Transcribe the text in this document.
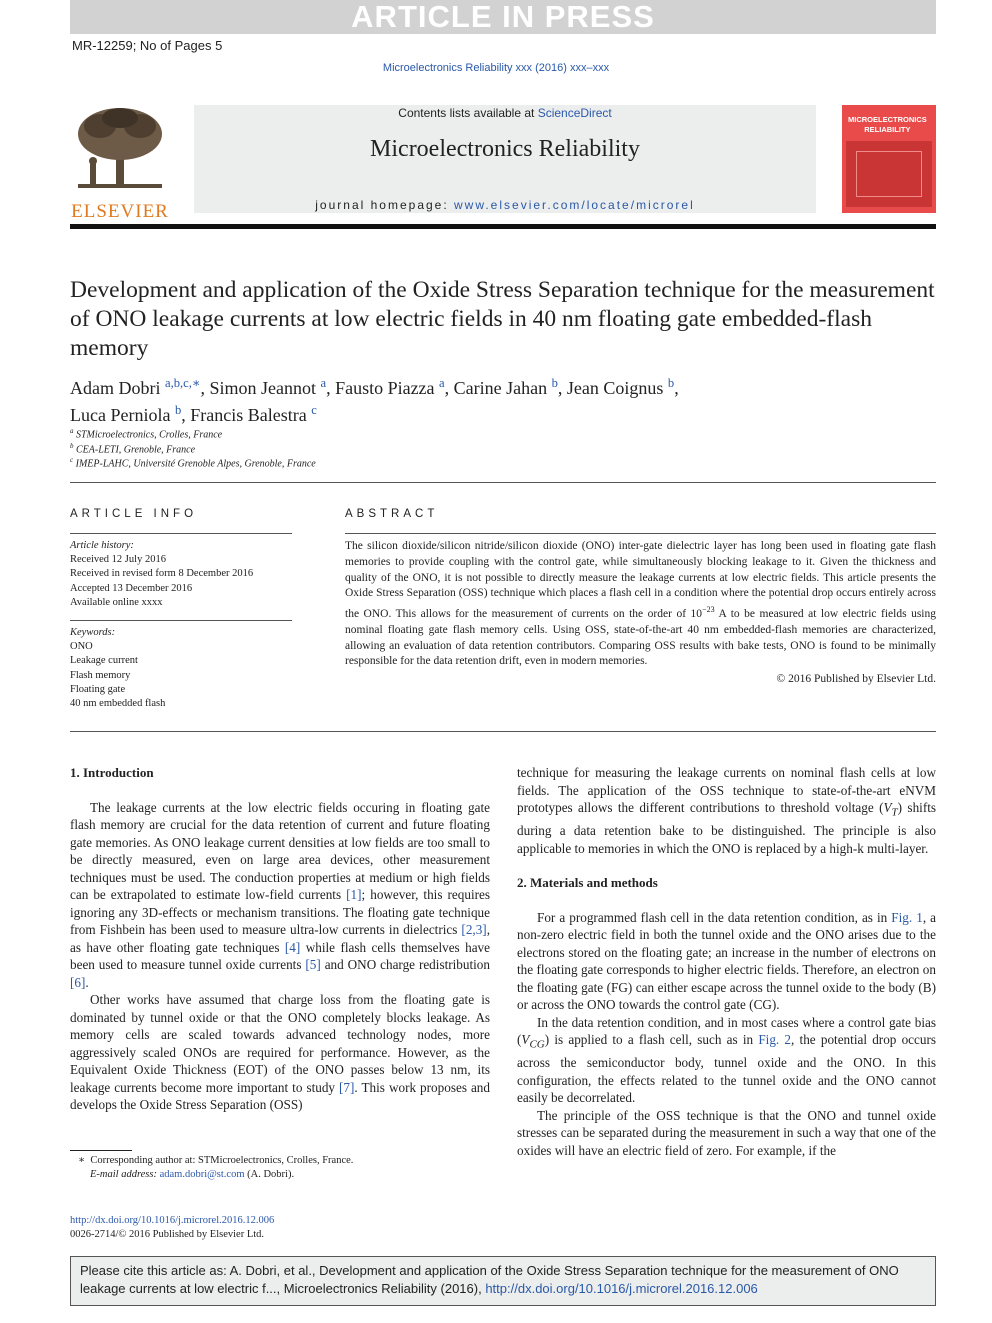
ARTICLE IN PRESS
MR-12259; No of Pages 5
Microelectronics Reliability xxx (2016) xxx–xxx
ELSEVIER
Contents lists available at ScienceDirect
Microelectronics Reliability
journal homepage: www.elsevier.com/locate/microrel
MICROELECTRONICS
RELIABILITY
Development and application of the Oxide Stress Separation technique for the measurement of ONO leakage currents at low electric fields in 40 nm floating gate embedded-flash memory
Adam Dobri $^{a,b,c,∗}$, Simon Jeannot $^a$, Fausto Piazza $^a$, Carine Jahan $^b$, Jean Coignus $^b$,
Luca Perniola $^b$, Francis Balestra $^c$
$^a$ STMicroelectronics, Crolles, France
$^b$ CEA-LETI, Grenoble, France
$^c$ IMEP-LAHC, Université Grenoble Alpes, Grenoble, France
ARTICLE INFO
Article history:
Received 12 July 2016
Received in revised form 8 December 2016
Accepted 13 December 2016
Available online xxxx
Keywords:
ONO
Leakage current
Flash memory
Floating gate
40 nm embedded flash
ABSTRACT
The silicon dioxide/silicon nitride/silicon dioxide (ONO) inter-gate dielectric layer has long been used in floating gate flash memories to provide coupling with the control gate, while simultaneously blocking leakage to it. Given the thickness and quality of the ONO, it is not possible to directly measure the leakage currents at low electric fields. This article presents the Oxide Stress Separation (OSS) technique which places a flash cell in a condition where the potential drop occurs entirely across the ONO. This allows for the measurement of currents on the order of $10^{-23}$ A to be measured at low electric fields using nominal floating gate flash memory cells. Using OSS, state-of-the-art 40 nm embedded-flash memories are characterized, allowing an evaluation of data retention contributors. Comparing OSS results with bake tests, ONO is found to be minimally responsible for the data retention drift, even in modern memories.
© 2016 Published by Elsevier Ltd.
1. Introduction

The leakage currents at the low electric fields occuring in floating gate flash memory are crucial for the data retention of current and future floating gate memories. As ONO leakage current densities at low fields are too small to be directly measured, even on large area devices, other measurement techniques must be used. The conduction properties at medium or high fields can be extrapolated to estimate low-field currents [1]; however, this requires ignoring any 3D-effects or mechanism transitions. The floating gate technique from Fishbein has been used to measure ultra-low currents in dielectrics [2,3], as have other floating gate techniques [4] while flash cells themselves have been used to measure tunnel oxide currents [5] and ONO charge redistribution [6].

Other works have assumed that charge loss from the floating gate is dominated by tunnel oxide or that the ONO completely blocks leakage. As memory cells are scaled towards advanced technology nodes, more aggressively scaled ONOs are required for performance. However, as the Equivalent Oxide Thickness (EOT) of the ONO passes below 13 nm, its leakage currents become more important to study [7]. This work proposes and develops the Oxide Stress Separation (OSS)

∗ Corresponding author at: STMicroelectronics, Crolles, France.
E-mail address: adam.dobri@st.com (A. Dobri).
http://dx.doi.org/10.1016/j.microrel.2016.12.006
0026-2714/© 2016 Published by Elsevier Ltd.

technique for measuring the leakage currents on nominal flash cells at low fields. The application of the OSS technique to state-of-the-art eNVM prototypes allows the different contributions to threshold voltage $(V_T)$ shifts during a data retention bake to be distinguished. The principle is also applicable to memories in which the ONO is replaced by a high-k multi-layer.

2. Materials and methods

For a programmed flash cell in the data retention condition, as in Fig. 1, a non-zero electric field in both the tunnel oxide and the ONO arises due to the electrons stored on the floating gate; an increase in the number of electrons on the floating gate corresponds to higher electric fields. Therefore, an electron on the floating gate (FG) can either escape across the tunnel oxide to the body (B) or across the ONO towards the control gate (CG).

In the data retention condition, and in most cases where a control gate bias $(V_{CG})$ is applied to a flash cell, such as in Fig. 2, the potential drop occurs across the semiconductor body, tunnel oxide and the ONO. In this configuration, the effects related to the tunnel oxide and the ONO cannot easily be decorrelated.

The principle of the OSS technique is that the ONO and tunnel oxide stresses can be separated during the measurement in such a way that one of the oxides will have an electric field of zero. For example, if the

Please cite this article as: A. Dobri, et al., Development and application of the Oxide Stress Separation technique for the measurement of ONO leakage currents at low electric f..., Microelectronics Reliability (2016), http://dx.doi.org/10.1016/j.microrel.2016.12.006
